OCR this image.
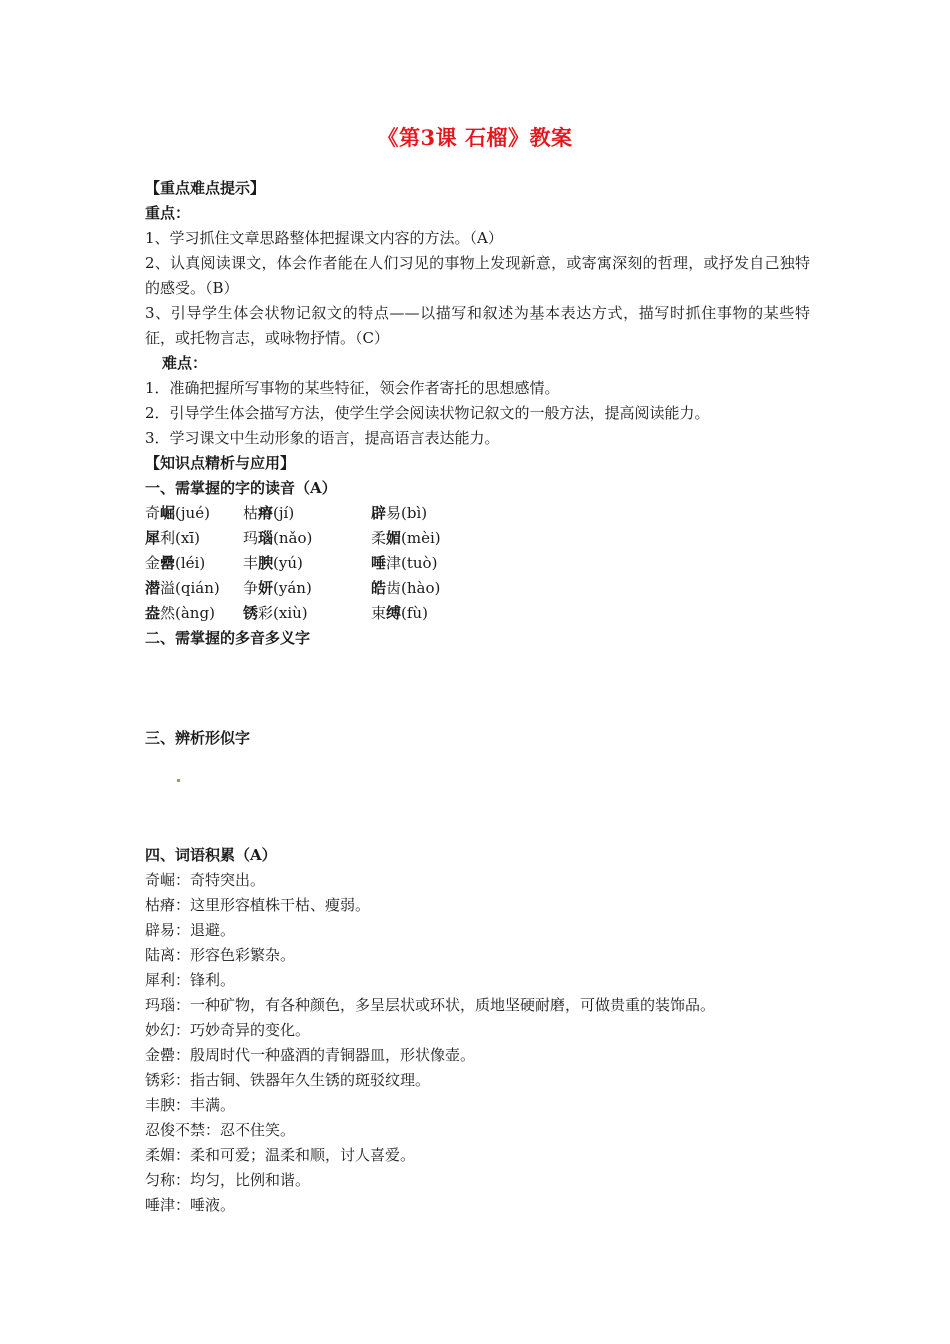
《第3课 石榴》教案
【重点难点提示】
重点：
1、学习抓住文章思路整体把握课文内容的方法。（A）
2、认真阅读课文，体会作者能在人们习见的事物上发现新意，或寄寓深刻的哲理，或抒发自己独特的感受。（B）
3、引导学生体会状物记叙文的特点——以描写和叙述为基本表达方式，描写时抓住事物的某些特征，或托物言志，或咏物抒情。（C）
难点：
1．准确把握所写事物的某些特征，领会作者寄托的思想感情。
2．引导学生体会描写方法，使学生学会阅读状物记叙文的一般方法，提高阅读能力。
3．学习课文中生动形象的语言，提高语言表达能力。
【知识点精析与应用】
一、需掌握的字的读音（A）
奇崛(jué) 枯瘠(jí)	辟易(bì)
犀利(xī)	玛瑙(nǎo)	柔媚(mèi)
金罍(léi)	丰腴(yú)	唾津(tuò)
潜溢(qián) 争妍(yán)	皓齿(hào)
盎然(àng) 锈彩(xiù)	束缚(fù)
二、需掌握的多音多义字
三、辨析形似字
四、词语积累（A）
奇崛：奇特突出。
枯瘠：这里形容植株干枯、瘦弱。
辟易：退避。
陆离：形容色彩繁杂。
犀利：锋利。
玛瑙：一种矿物，有各种颜色，多呈层状或环状，质地坚硬耐磨，可做贵重的装饰品。
妙幻：巧妙奇异的变化。
金罍：殷周时代一种盛酒的青铜器皿，形状像壶。
锈彩：指古铜、铁器年久生锈的斑驳纹理。
丰腴：丰满。
忍俊不禁：忍不住笑。
柔媚：柔和可爱；温柔和顺，讨人喜爱。
匀称：均匀，比例和谐。
唾津：唾液。
